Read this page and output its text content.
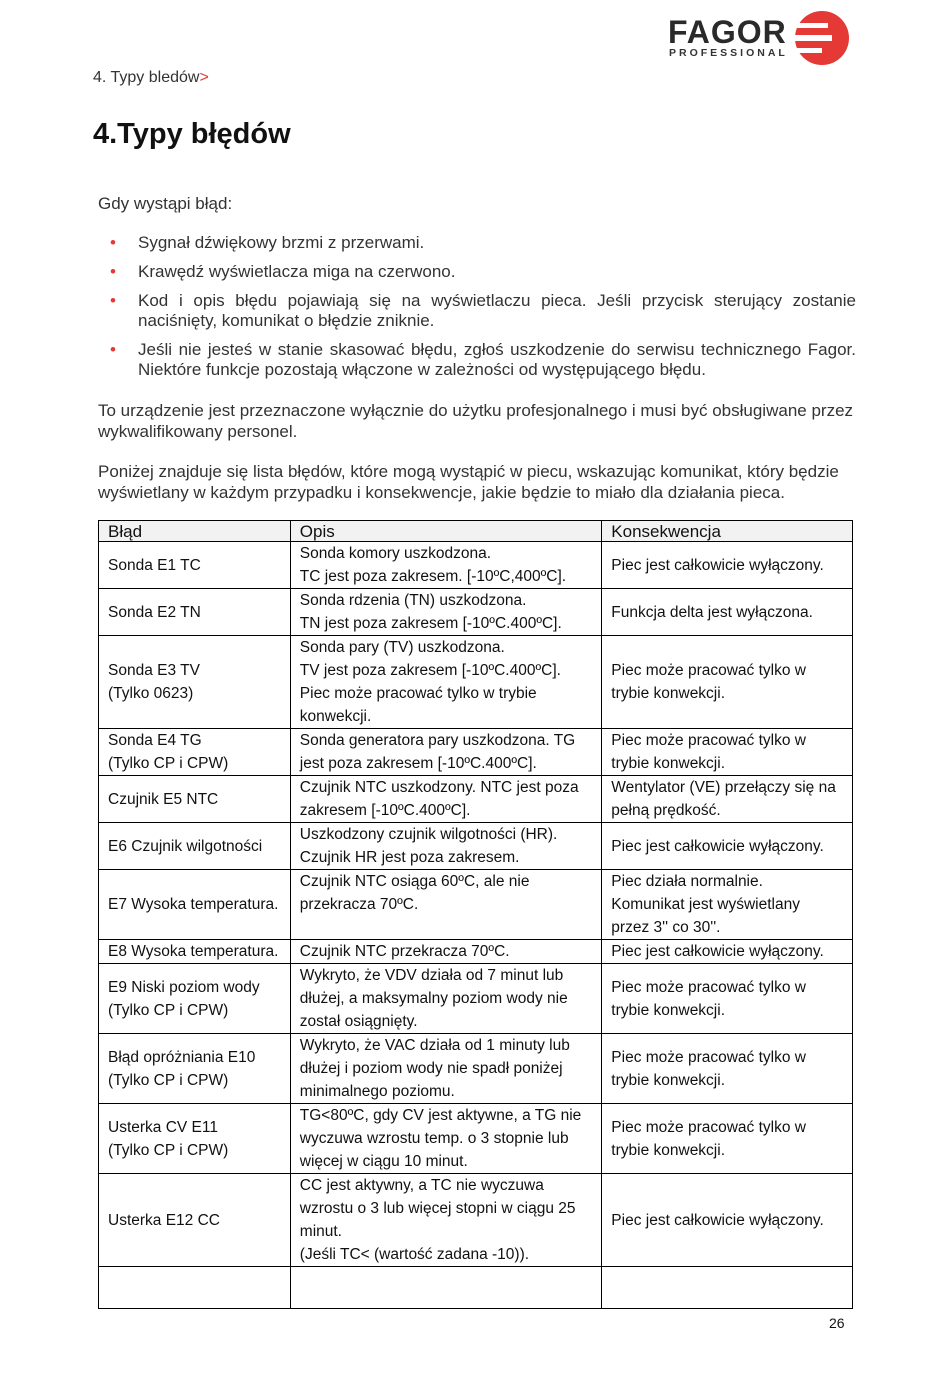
4. Typy bledów>
FAGOR
PROFESSIONAL
4.Typy błędów
Gdy wystąpi błąd:
• Sygnał dźwiękowy brzmi z przerwami.
• Krawędź wyświetlacza miga na czerwono.
• Kod i opis błędu pojawiają się na wyświetlaczu pieca. Jeśli przycisk sterujący zostanie naciśnięty, komunikat o błędzie zniknie.
• Jeśli nie jesteś w stanie skasować błędu, zgłoś uszkodzenie do serwisu technicznego Fagor. Niektóre funkcje pozostają włączone w zależności od występującego błędu.

To urządzenie jest przeznaczone wyłącznie do użytku profesjonalnego i musi być obsługiwane przez wykwalifikowany personel.

Poniżej znajduje się lista błędów, które mogą wystąpić w piecu, wskazując komunikat, który będzie wyświetlany w każdym przypadku i konsekwencje, jakie będzie to miało dla działania pieca.

Błąd	Opis	Konsekwencja

Sonda E1 TC	Sonda komory uszkodzona.
TC jest poza zakresem. [-10ºC,400ºC].	Piec jest całkowicie wyłączony.

Sonda E2 TN	Sonda rdzenia (TN) uszkodzona.
TN jest poza zakresem [-10ºC.400ºC].	Funkcja delta jest wyłączona.

Sonda E3 TV
(Tylko 0623)	Sonda pary (TV) uszkodzona.
TV jest poza zakresem [-10ºC.400ºC].
Piec może pracować tylko w trybie
konwekcji.	Piec może pracować tylko w
trybie konwekcji.

Sonda E4 TG
(Tylko CP i CPW)	Sonda generatora pary uszkodzona. TG
jest poza zakresem [-10ºC.400ºC].	Piec może pracować tylko w
trybie konwekcji.

Czujnik E5 NTC	Czujnik NTC uszkodzony. NTC jest poza
zakresem [-10ºC.400ºC].	Wentylator (VE) przełączy się na
pełną prędkość.

E6 Czujnik wilgotności	Uszkodzony czujnik wilgotności (HR).
Czujnik HR jest poza zakresem.	Piec jest całkowicie wyłączony.

E7 Wysoka temperatura.	Czujnik NTC osiąga 60ºC, ale nie
przekracza 70ºC.	Piec działa normalnie.
Komunikat jest wyświetlany
przez 3'' co 30''.

E8 Wysoka temperatura.	Czujnik NTC przekracza 70ºC.	Piec jest całkowicie wyłączony.

E9 Niski poziom wody
(Tylko CP i CPW)	Wykryto, że VDV działa od 7 minut lub
dłużej, a maksymalny poziom wody nie
został osiągnięty.	Piec może pracować tylko w
trybie konwekcji.

Błąd opróżniania E10
(Tylko CP i CPW)	Wykryto, że VAC działa od 1 minuty lub
dłużej i poziom wody nie spadł poniżej
minimalnego poziomu.	Piec może pracować tylko w
trybie konwekcji.

Usterka CV E11
(Tylko CP i CPW)	TG<80ºC, gdy CV jest aktywne, a TG nie
wyczuwa wzrostu temp. o 3 stopnie lub
więcej w ciągu 10 minut.	Piec może pracować tylko w
trybie konwekcji.

Usterka E12 CC	CC jest aktywny, a TC nie wyczuwa
wzrostu o 3 lub więcej stopni w ciągu 25
minut.
(Jeśli TC< (wartość zadana -10)).	Piec jest całkowicie wyłączony.

26
